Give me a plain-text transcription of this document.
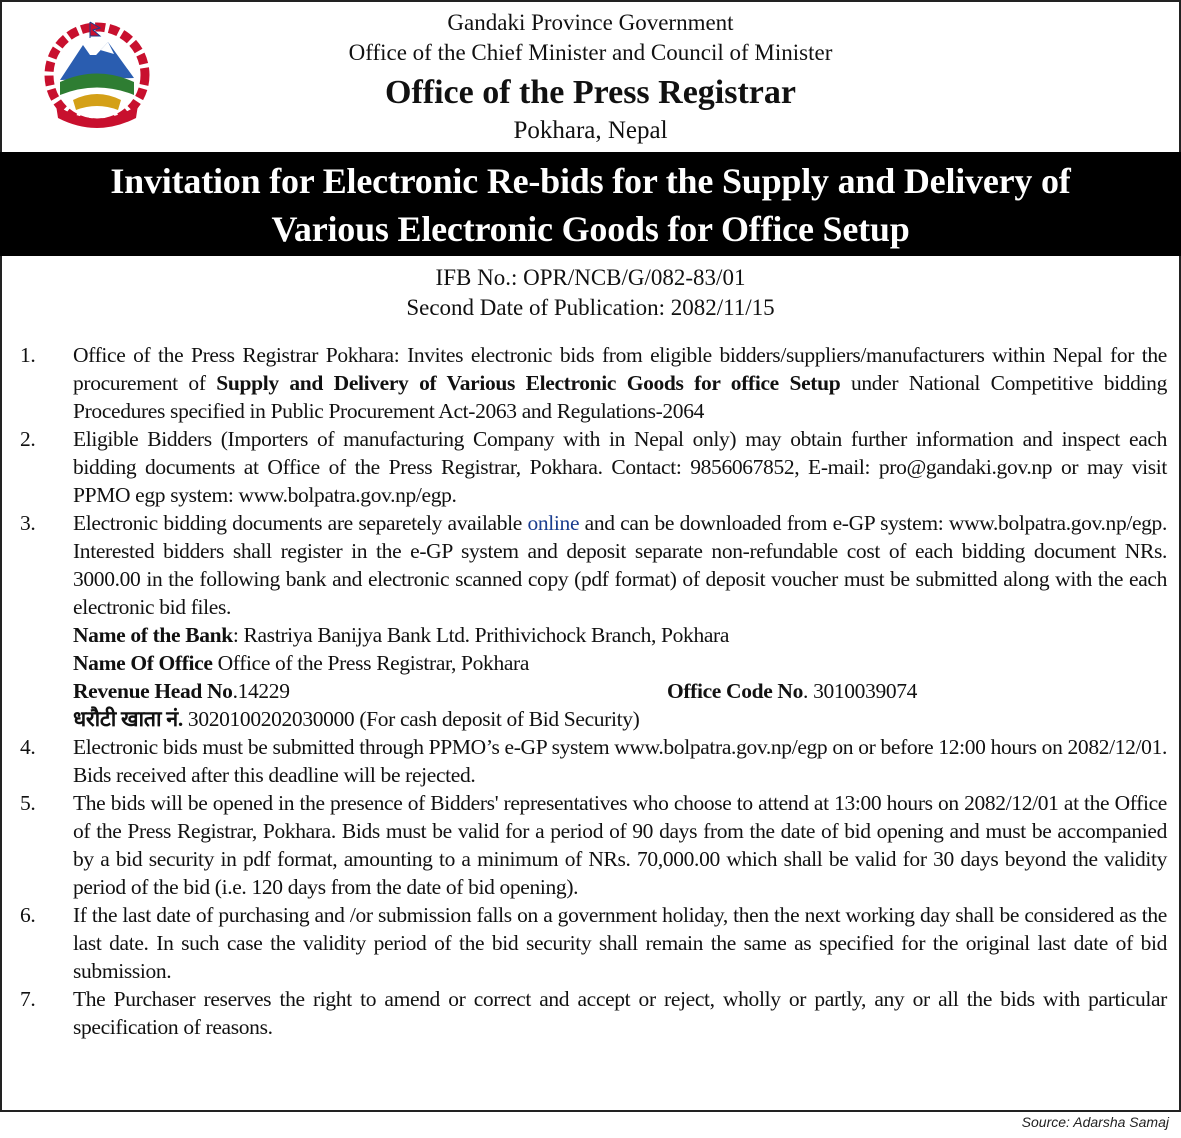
Gandaki Province Government
Office of the Chief Minister and Council of Minister
Office of the Press Registrar
Pokhara, Nepal
Invitation for Electronic Re-bids for the Supply and Delivery of
Various Electronic Goods for Office Setup
IFB No.: OPR/NCB/G/082-83/01
Second Date of Publication: 2082/11/15
1.	Office of the Press Registrar Pokhara: Invites electronic bids from eligible bidders/suppliers/manufacturers within Nepal for the procurement of Supply and Delivery of Various Electronic Goods for office Setup under National Competitive bidding Procedures specified in Public Procurement Act-2063 and Regulations-2064
2.	Eligible Bidders (Importers of manufacturing Company with in Nepal only) may obtain further information and inspect each bidding documents at Office of the Press Registrar, Pokhara. Contact: 9856067852, E-mail: pro@gandaki.gov.np or may visit PPMO egp system: www.bolpatra.gov.np/egp.
3.	Electronic bidding documents are separetely available online and can be downloaded from e-GP system: www.bolpatra.gov.np/egp. Interested bidders shall register in the e-GP system and deposit separate non-refundable cost of each bidding document NRs. 3000.00 in the following bank and electronic scanned copy (pdf format) of deposit voucher must be submitted along with the each electronic bid files.
Name of the Bank: Rastriya Banijya Bank Ltd. Prithivichock Branch, Pokhara
Name Of Office Office of the Press Registrar, Pokhara
Revenue Head No.14229	Office Code No. 3010039074
धरौटी खाता नं. 3020100202030000 (For cash deposit of Bid Security)
4.	Electronic bids must be submitted through PPMO’s e-GP system www.bolpatra.gov.np/egp on or before 12:00 hours on 2082/12/01. Bids received after this deadline will be rejected.
5.	The bids will be opened in the presence of Bidders' representatives who choose to attend at 13:00 hours on 2082/12/01 at the Office of the Press Registrar, Pokhara. Bids must be valid for a period of 90 days from the date of bid opening and must be accompanied by a bid security in pdf format, amounting to a minimum of NRs. 70,000.00 which shall be valid for 30 days beyond the validity period of the bid (i.e. 120 days from the date of bid opening).
6.	If the last date of purchasing and /or submission falls on a government holiday, then the next working day shall be considered as the last date. In such case the validity period of the bid security shall remain the same as specified for the original last date of bid submission.
7.	The Purchaser reserves the right to amend or correct and accept or reject, wholly or partly, any or all the bids with particular specification of reasons.
Source: Adarsha Samaj
